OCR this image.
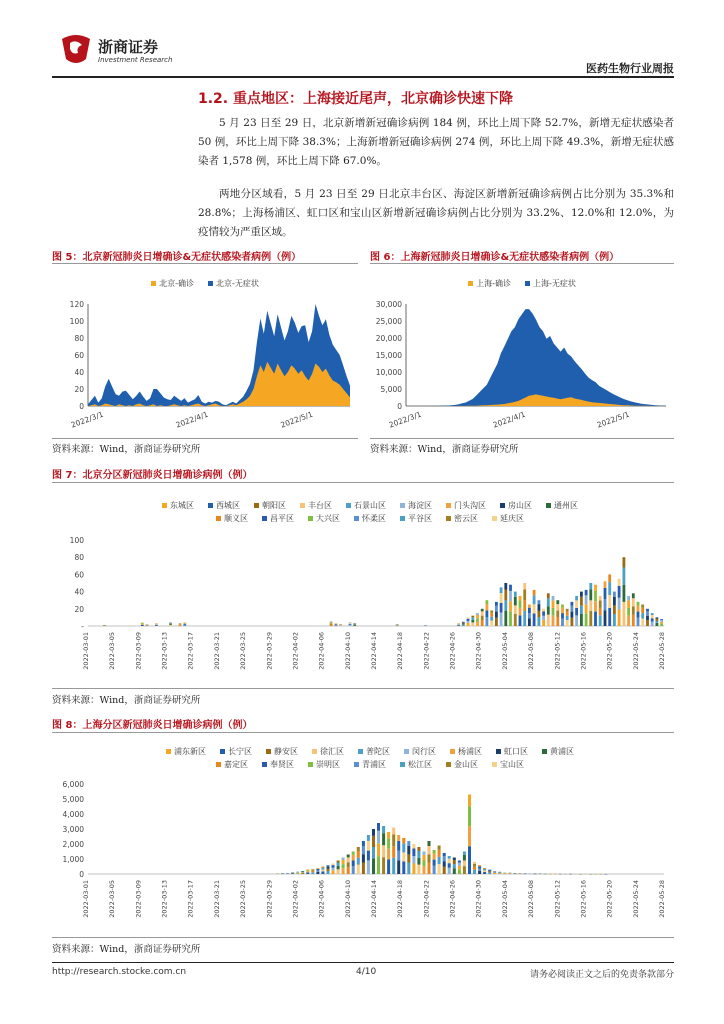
浙商证券
Investment Research
医药生物行业周报
1.2. 重点地区：上海接近尾声，北京确诊快速下降
5 月 23 日至 29 日，北京新增新冠确诊病例 184 例，环比上周下降 52.7%，新增无症状感染者 50 例，环比上周下降 38.3%；上海新增新冠确诊病例 274 例，环比上周下降 49.3%，新增无症状感染者 1,578 例，环比上周下降 67.0%。
两地分区域看，5 月 23 日至 29 日北京丰台区、海淀区新增新冠确诊病例占比分别为 35.3%和 28.8%；上海杨浦区、虹口区和宝山区新增新冠确诊病例占比分别为 33.2%、12.0%和 12.0%，为疫情较为严重区域。
图 5：北京新冠肺炎日增确诊&无症状感染者病例（例）
北京-确诊	北京-无症状
0
20
40
60
80
100
120
2022/3/1	2022/4/1	2022/5/1
资料来源：Wind，浙商证券研究所
图 6：上海新冠肺炎日增确诊&无症状感染者病例（例）
上海-确诊	上海-无症状
0
5,000
10,000
15,000
20,000
25,000
30,000
2022/3/1	2022/4/1	2022/5/1
资料来源：Wind，浙商证券研究所
图 7：北京分区新冠肺炎日增确诊病例（例）
东城区	西城区	朝阳区	丰台区	石景山区	海淀区	门头沟区	房山区	通州区
顺义区	昌平区	大兴区	怀柔区	平谷区	密云区	延庆区
-
20
40
60
80
100
2022-03-01	2022-03-05	2022-03-09	2022-03-13	2022-03-17	2022-03-21	2022-03-25	2022-03-29	2022-04-02	2022-04-06	2022-04-10	2022-04-14	2022-04-18	2022-04-22	2022-04-26	2022-04-30	2022-05-04	2022-05-08	2022-05-12	2022-05-16	2022-05-20	2022-05-24	2022-05-28
资料来源：Wind，浙商证券研究所
图 8：上海分区新冠肺炎日增确诊病例（例）
浦东新区	长宁区	静安区	徐汇区	普陀区	闵行区	杨浦区	虹口区	黄浦区
嘉定区	奉贤区	崇明区	青浦区	松江区	金山区	宝山区
0
1,000
2,000
3,000
4,000
5,000
6,000
2022-03-01	2022-03-05	2022-03-09	2022-03-13	2022-03-17	2022-03-21	2022-03-25	2022-03-29	2022-04-02	2022-04-06	2022-04-10	2022-04-14	2022-04-18	2022-04-22	2022-04-26	2022-04-30	2022-05-04	2022-05-08	2022-05-12	2022-05-16	2022-05-20	2022-05-24	2022-05-28
资料来源：Wind，浙商证券研究所
http://research.stocke.com.cn	4/10	请务必阅读正文之后的免责条款部分
